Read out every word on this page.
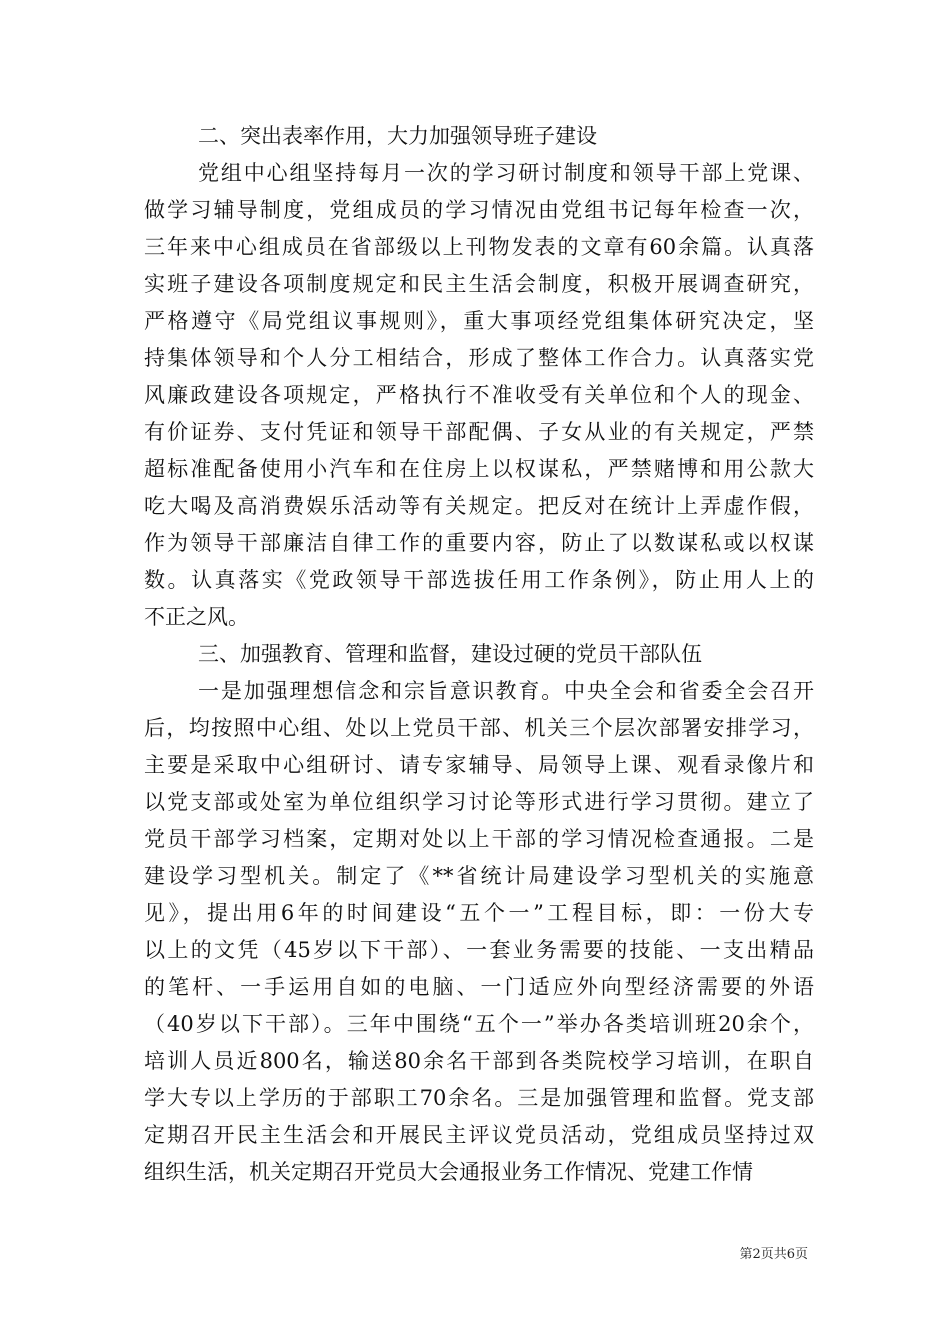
二、突出表率作用，大力加强领导班子建设
党组中心组坚持每月一次的学习研讨制度和领导干部上党课、
做学习辅导制度，党组成员的学习情况由党组书记每年检查一次，
三年来中心组成员在省部级以上刊物发表的文章有60余篇。认真落
实班子建设各项制度规定和民主生活会制度，积极开展调查研究，
严格遵守《局党组议事规则》，重大事项经党组集体研究决定，坚
持集体领导和个人分工相结合，形成了整体工作合力。认真落实党
风廉政建设各项规定，严格执行不准收受有关单位和个人的现金、
有价证券、支付凭证和领导干部配偶、子女从业的有关规定，严禁
超标准配备使用小汽车和在住房上以权谋私，严禁赌博和用公款大
吃大喝及高消费娱乐活动等有关规定。把反对在统计上弄虚作假，
作为领导干部廉洁自律工作的重要内容，防止了以数谋私或以权谋
数。认真落实《党政领导干部选拔任用工作条例》，防止用人上的
不正之风。
三、加强教育、管理和监督，建设过硬的党员干部队伍
一是加强理想信念和宗旨意识教育。中央全会和省委全会召开
后，均按照中心组、处以上党员干部、机关三个层次部署安排学习，
主要是采取中心组研讨、请专家辅导、局领导上课、观看录像片和
以党支部或处室为单位组织学习讨论等形式进行学习贯彻。建立了
党员干部学习档案，定期对处以上干部的学习情况检查通报。二是
建设学习型机关。制定了《**省统计局建设学习型机关的实施意
见》，提出用6年的时间建设“五个一”工程目标，即：一份大专
以上的文凭（45岁以下干部）、一套业务需要的技能、一支出精品
的笔杆、一手运用自如的电脑、一门适应外向型经济需要的外语
（40岁以下干部）。三年中围绕“五个一”举办各类培训班20余个，
培训人员近800名，输送80余名干部到各类院校学习培训，在职自
学大专以上学历的于部职工70余名。三是加强管理和监督。党支部
定期召开民主生活会和开展民主评议党员活动，党组成员坚持过双
组织生活，机关定期召开党员大会通报业务工作情况、党建工作情
第2页共6页
